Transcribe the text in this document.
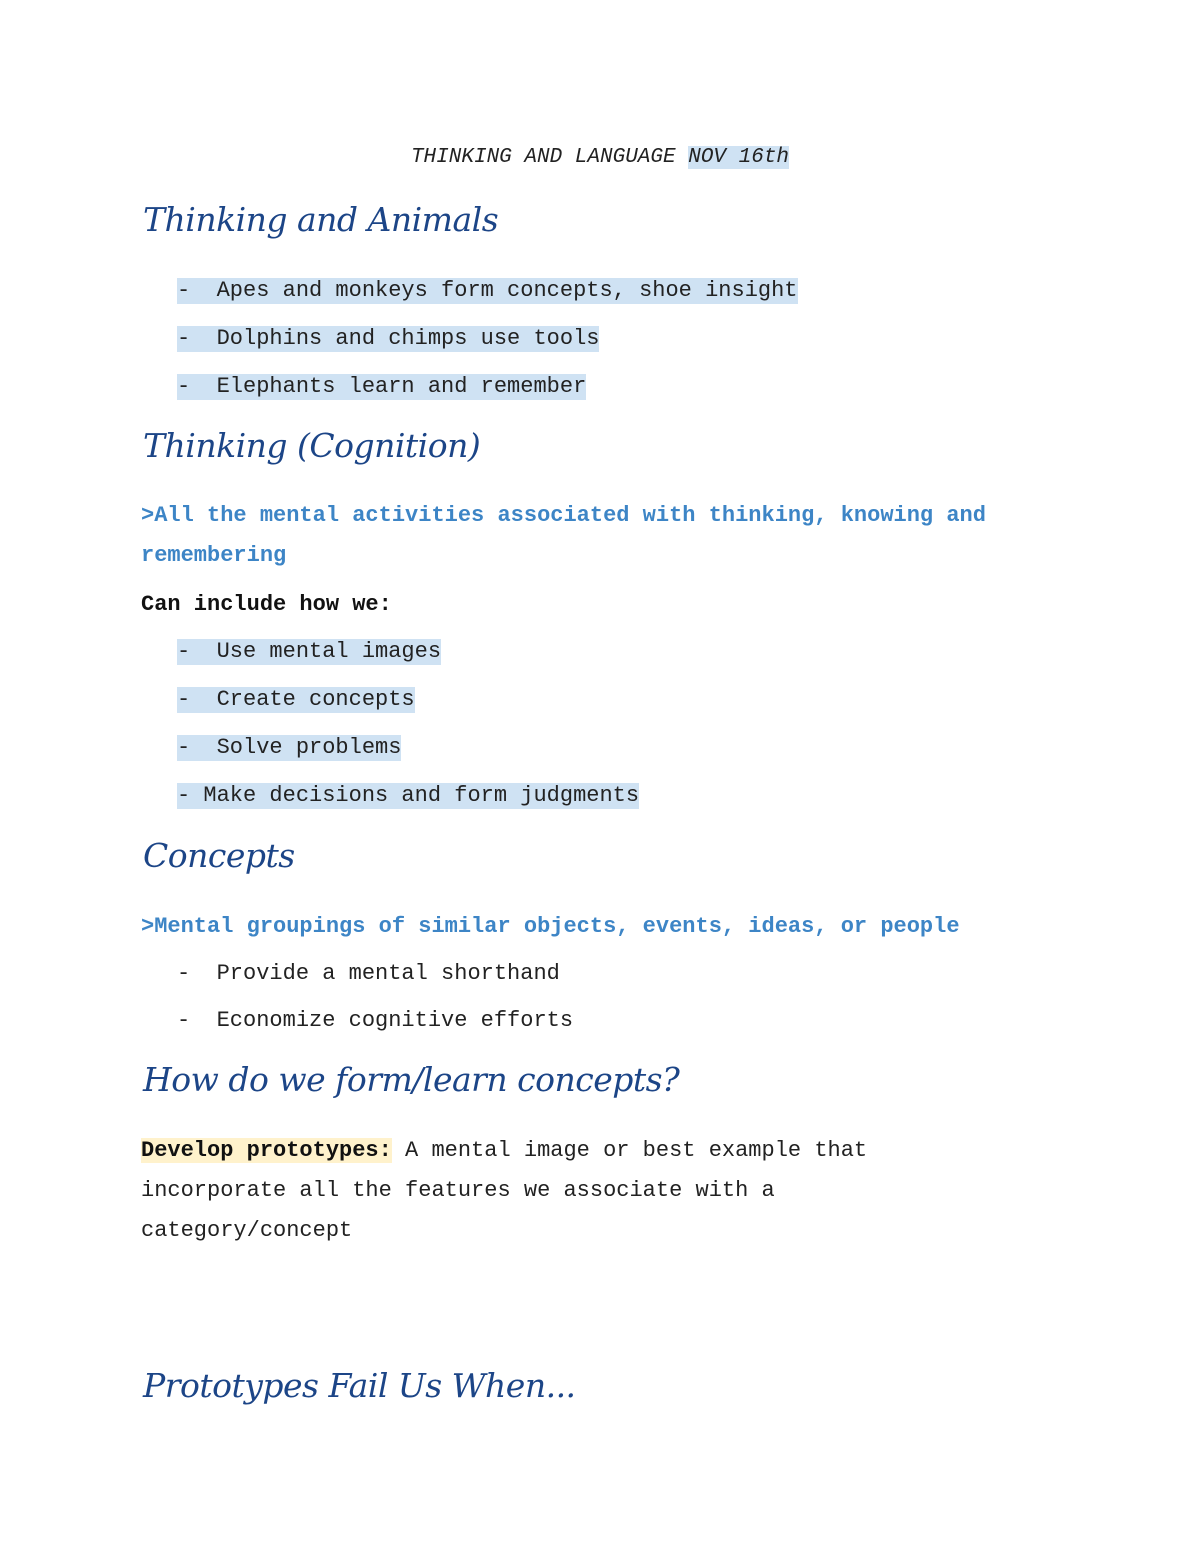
THINKING AND LANGUAGE NOV 16th
Thinking and Animals
-  Apes and monkeys form concepts, shoe insight
-  Dolphins and chimps use tools
-  Elephants learn and remember
Thinking (Cognition)
>All the mental activities associated with thinking, knowing and remembering
Can include how we:
-  Use mental images
-  Create concepts
-  Solve problems
- Make decisions and form judgments
Concepts
>Mental groupings of similar objects, events, ideas, or people
-  Provide a mental shorthand
-  Economize cognitive efforts
How do we form/learn concepts?
Develop prototypes: A mental image or best example that incorporate all the features we associate with a category/concept
Prototypes Fail Us When...
